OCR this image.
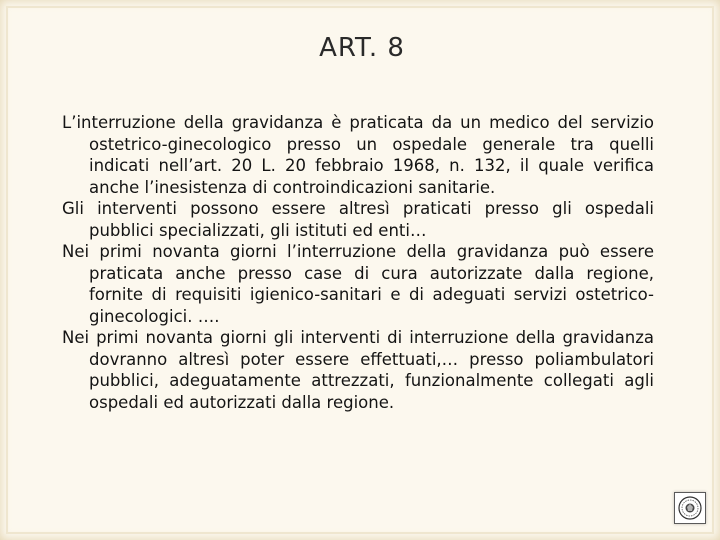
ART. 8

L’interruzione della gravidanza è praticata da un medico del servizio ostetrico-ginecologico presso un ospedale generale tra quelli indicati nell’art. 20 L. 20 febbraio 1968, n. 132, il quale verifica anche l’inesistenza di controindicazioni sanitarie.

Gli interventi possono essere altresì praticati presso gli ospedali pubblici specializzati, gli istituti ed enti…

Nei primi novanta giorni l’interruzione della gravidanza può essere praticata anche presso case di cura autorizzate dalla regione, fornite di requisiti igienico-sanitari e di adeguati servizi ostetrico-ginecologici. ….

Nei primi novanta giorni gli interventi di interruzione della gravidanza dovranno altresì poter essere effettuati,… presso poliambulatori pubblici, adeguatamente attrezzati, funzionalmente collegati agli ospedali ed autorizzati dalla regione.
